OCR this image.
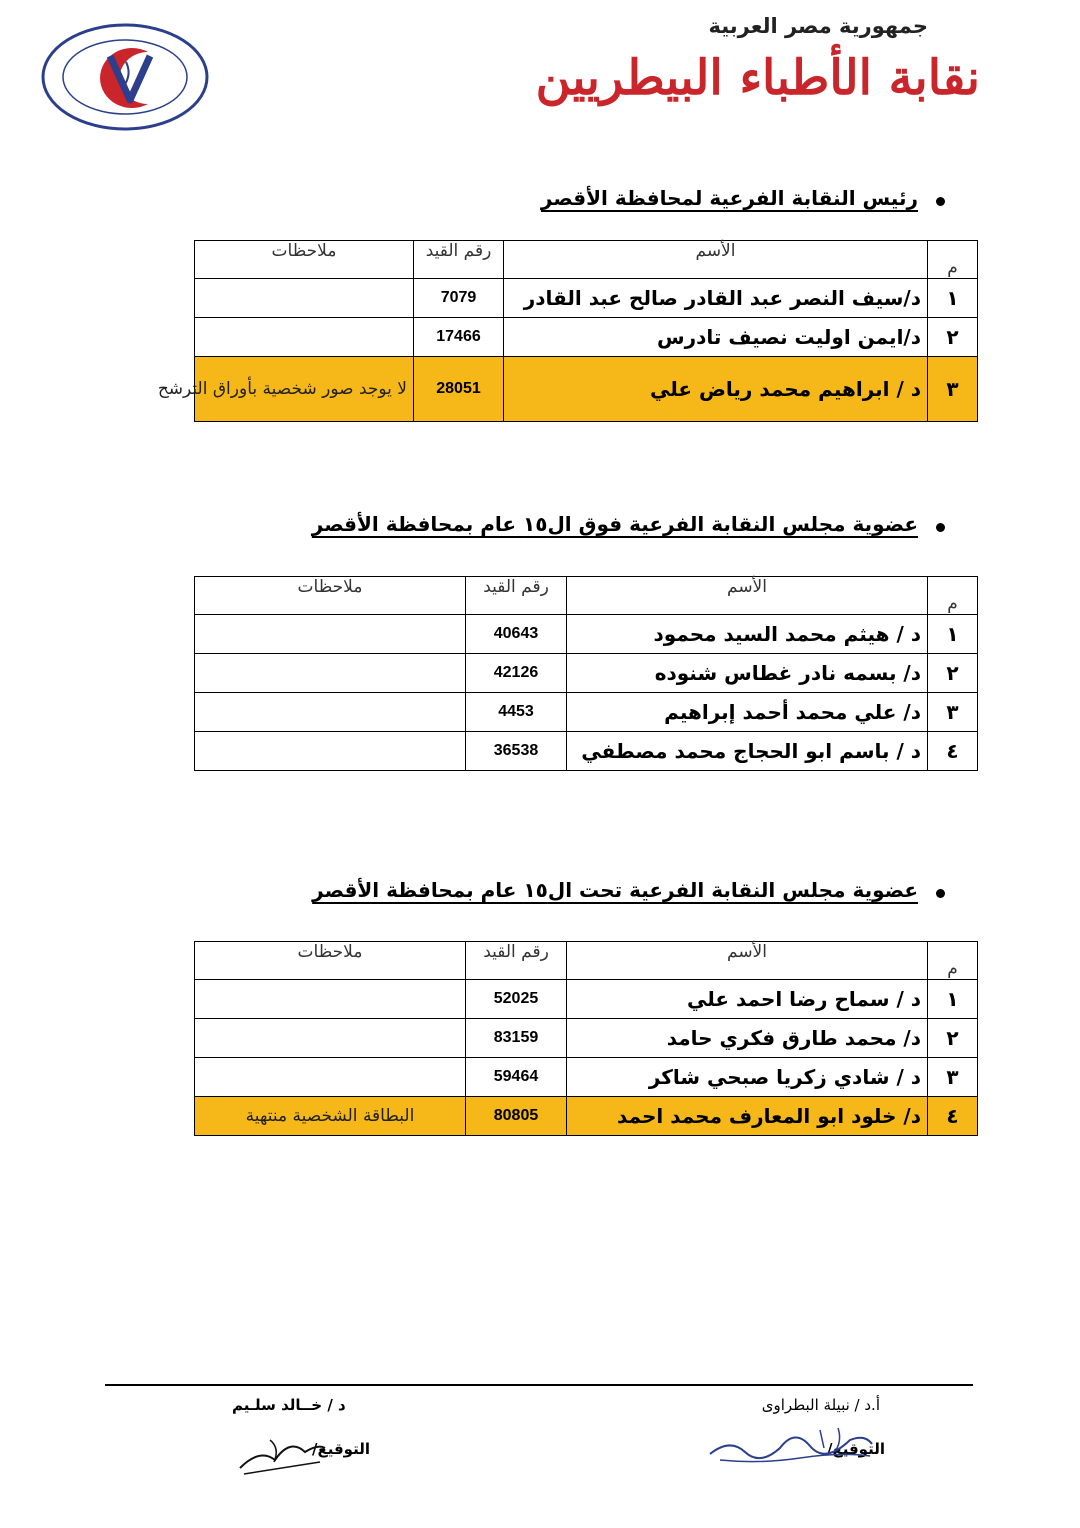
جمهورية مصر العربية
نقابة الأطباء البيطريين
رئيس النقابة الفرعية لمحافظة الأقصر
م	الأسم	رقم القيد	ملاحظات
١	د/سيف النصر عبد القادر صالح عبد القادر	7079	
٢	د/ايمن اوليت نصيف تادرس	17466	
٣	د / ابراهيم محمد رياض علي	28051	لا يوجد صور شخصية بأوراق الترشح
عضوية مجلس النقابة الفرعية فوق ال١٥ عام بمحافظة الأقصر
م	الأسم	رقم القيد	ملاحظات
١	د / هيثم محمد السيد محمود	40643	
٢	د/ بسمه نادر غطاس شنوده	42126	
٣	د/ علي محمد أحمد إبراهيم	4453	
٤	د / باسم ابو الحجاج محمد مصطفي	36538	
عضوية مجلس النقابة الفرعية تحت ال١٥ عام بمحافظة الأقصر
م	الأسم	رقم القيد	ملاحظات
١	د / سماح رضا احمد علي	52025	
٢	د/ محمد طارق فكري حامد	83159	
٣	د / شادي زكريا صبحي شاكر	59464	
٤	د/ خلود ابو المعارف محمد احمد	80805	البطاقة الشخصية منتهية
أ.د / نبيلة البطراوى
التوقيع/
د / خــالد سلـيم
التوقيع/
